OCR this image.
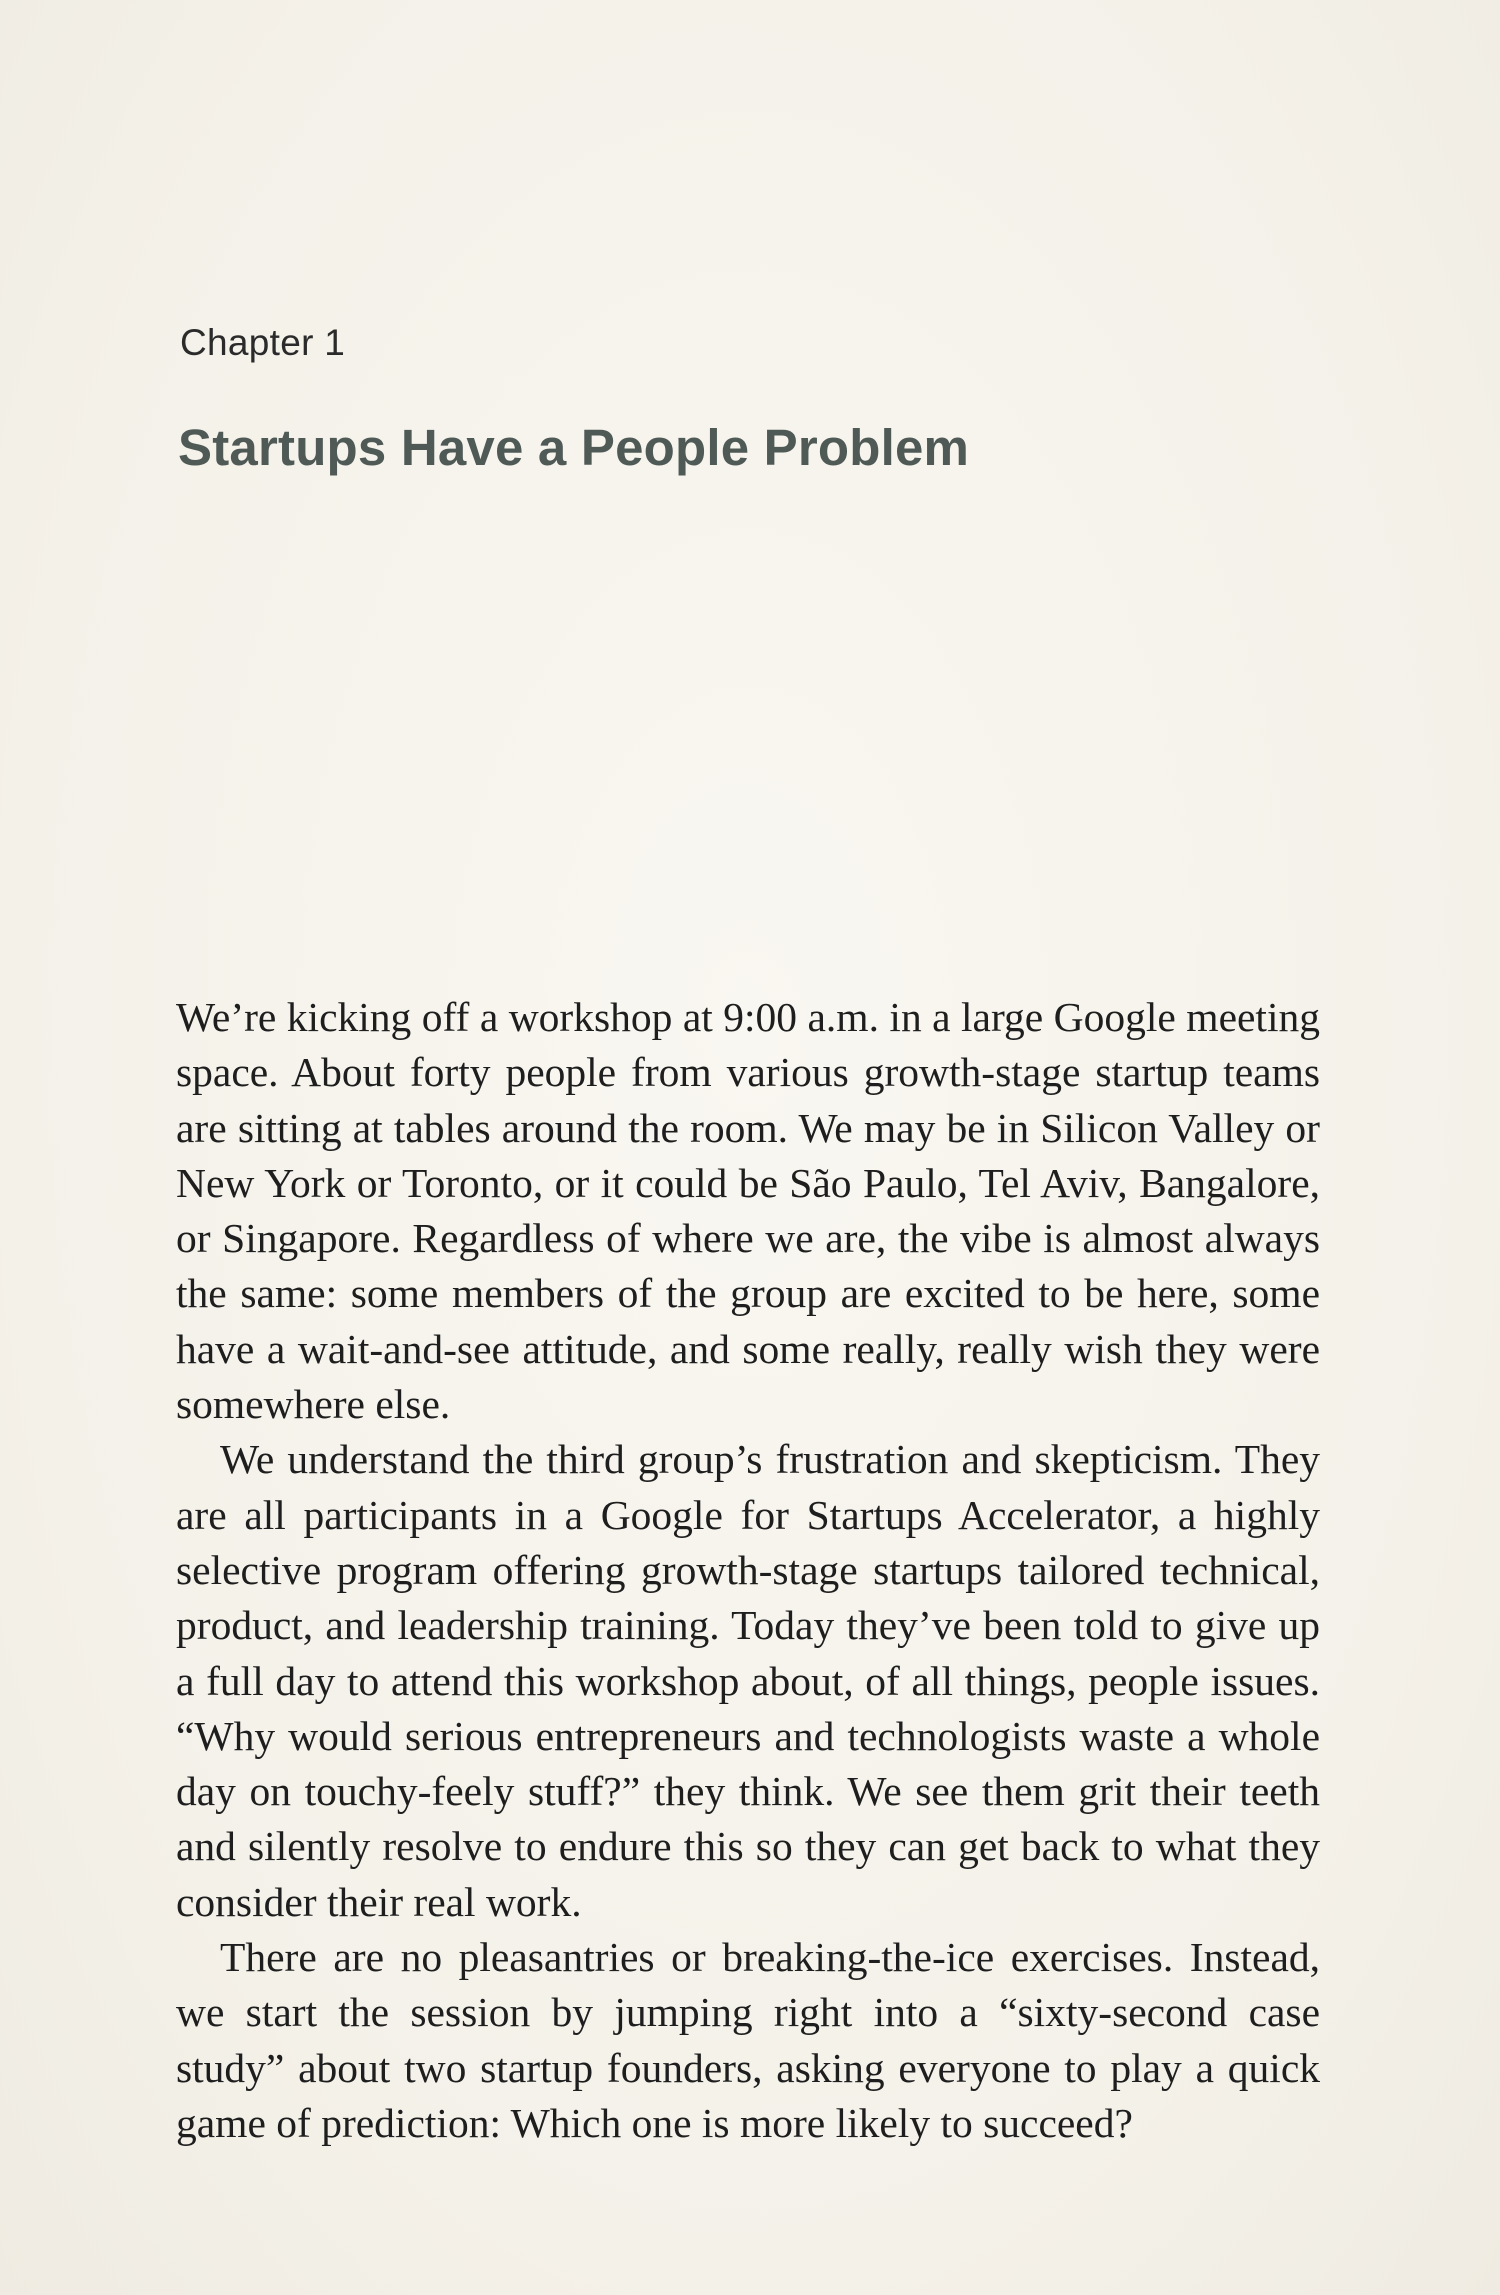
Chapter 1
Startups Have a People Problem

We’re kicking off a workshop at 9:00 a.m. in a large Google meeting space. About forty people from various growth-stage startup teams are sitting at tables around the room. We may be in Silicon Valley or New York or Toronto, or it could be São Paulo, Tel Aviv, Bangalore, or Singapore. Regardless of where we are, the vibe is almost always the same: some members of the group are excited to be here, some have a wait-and-see attitude, and some really, really wish they were somewhere else.

We understand the third group’s frustration and skepticism. They are all participants in a Google for Startups Accelerator, a highly selective program offering growth-stage startups tailored technical, product, and leadership training. Today they’ve been told to give up a full day to attend this workshop about, of all things, people issues. “Why would serious entrepreneurs and technologists waste a whole day on touchy-feely stuff?” they think. We see them grit their teeth and silently resolve to endure this so they can get back to what they consider their real work.

There are no pleasantries or breaking-the-ice exercises. Instead, we start the session by jumping right into a “sixty-second case study” about two startup founders, asking everyone to play a quick game of prediction: Which one is more likely to succeed?
